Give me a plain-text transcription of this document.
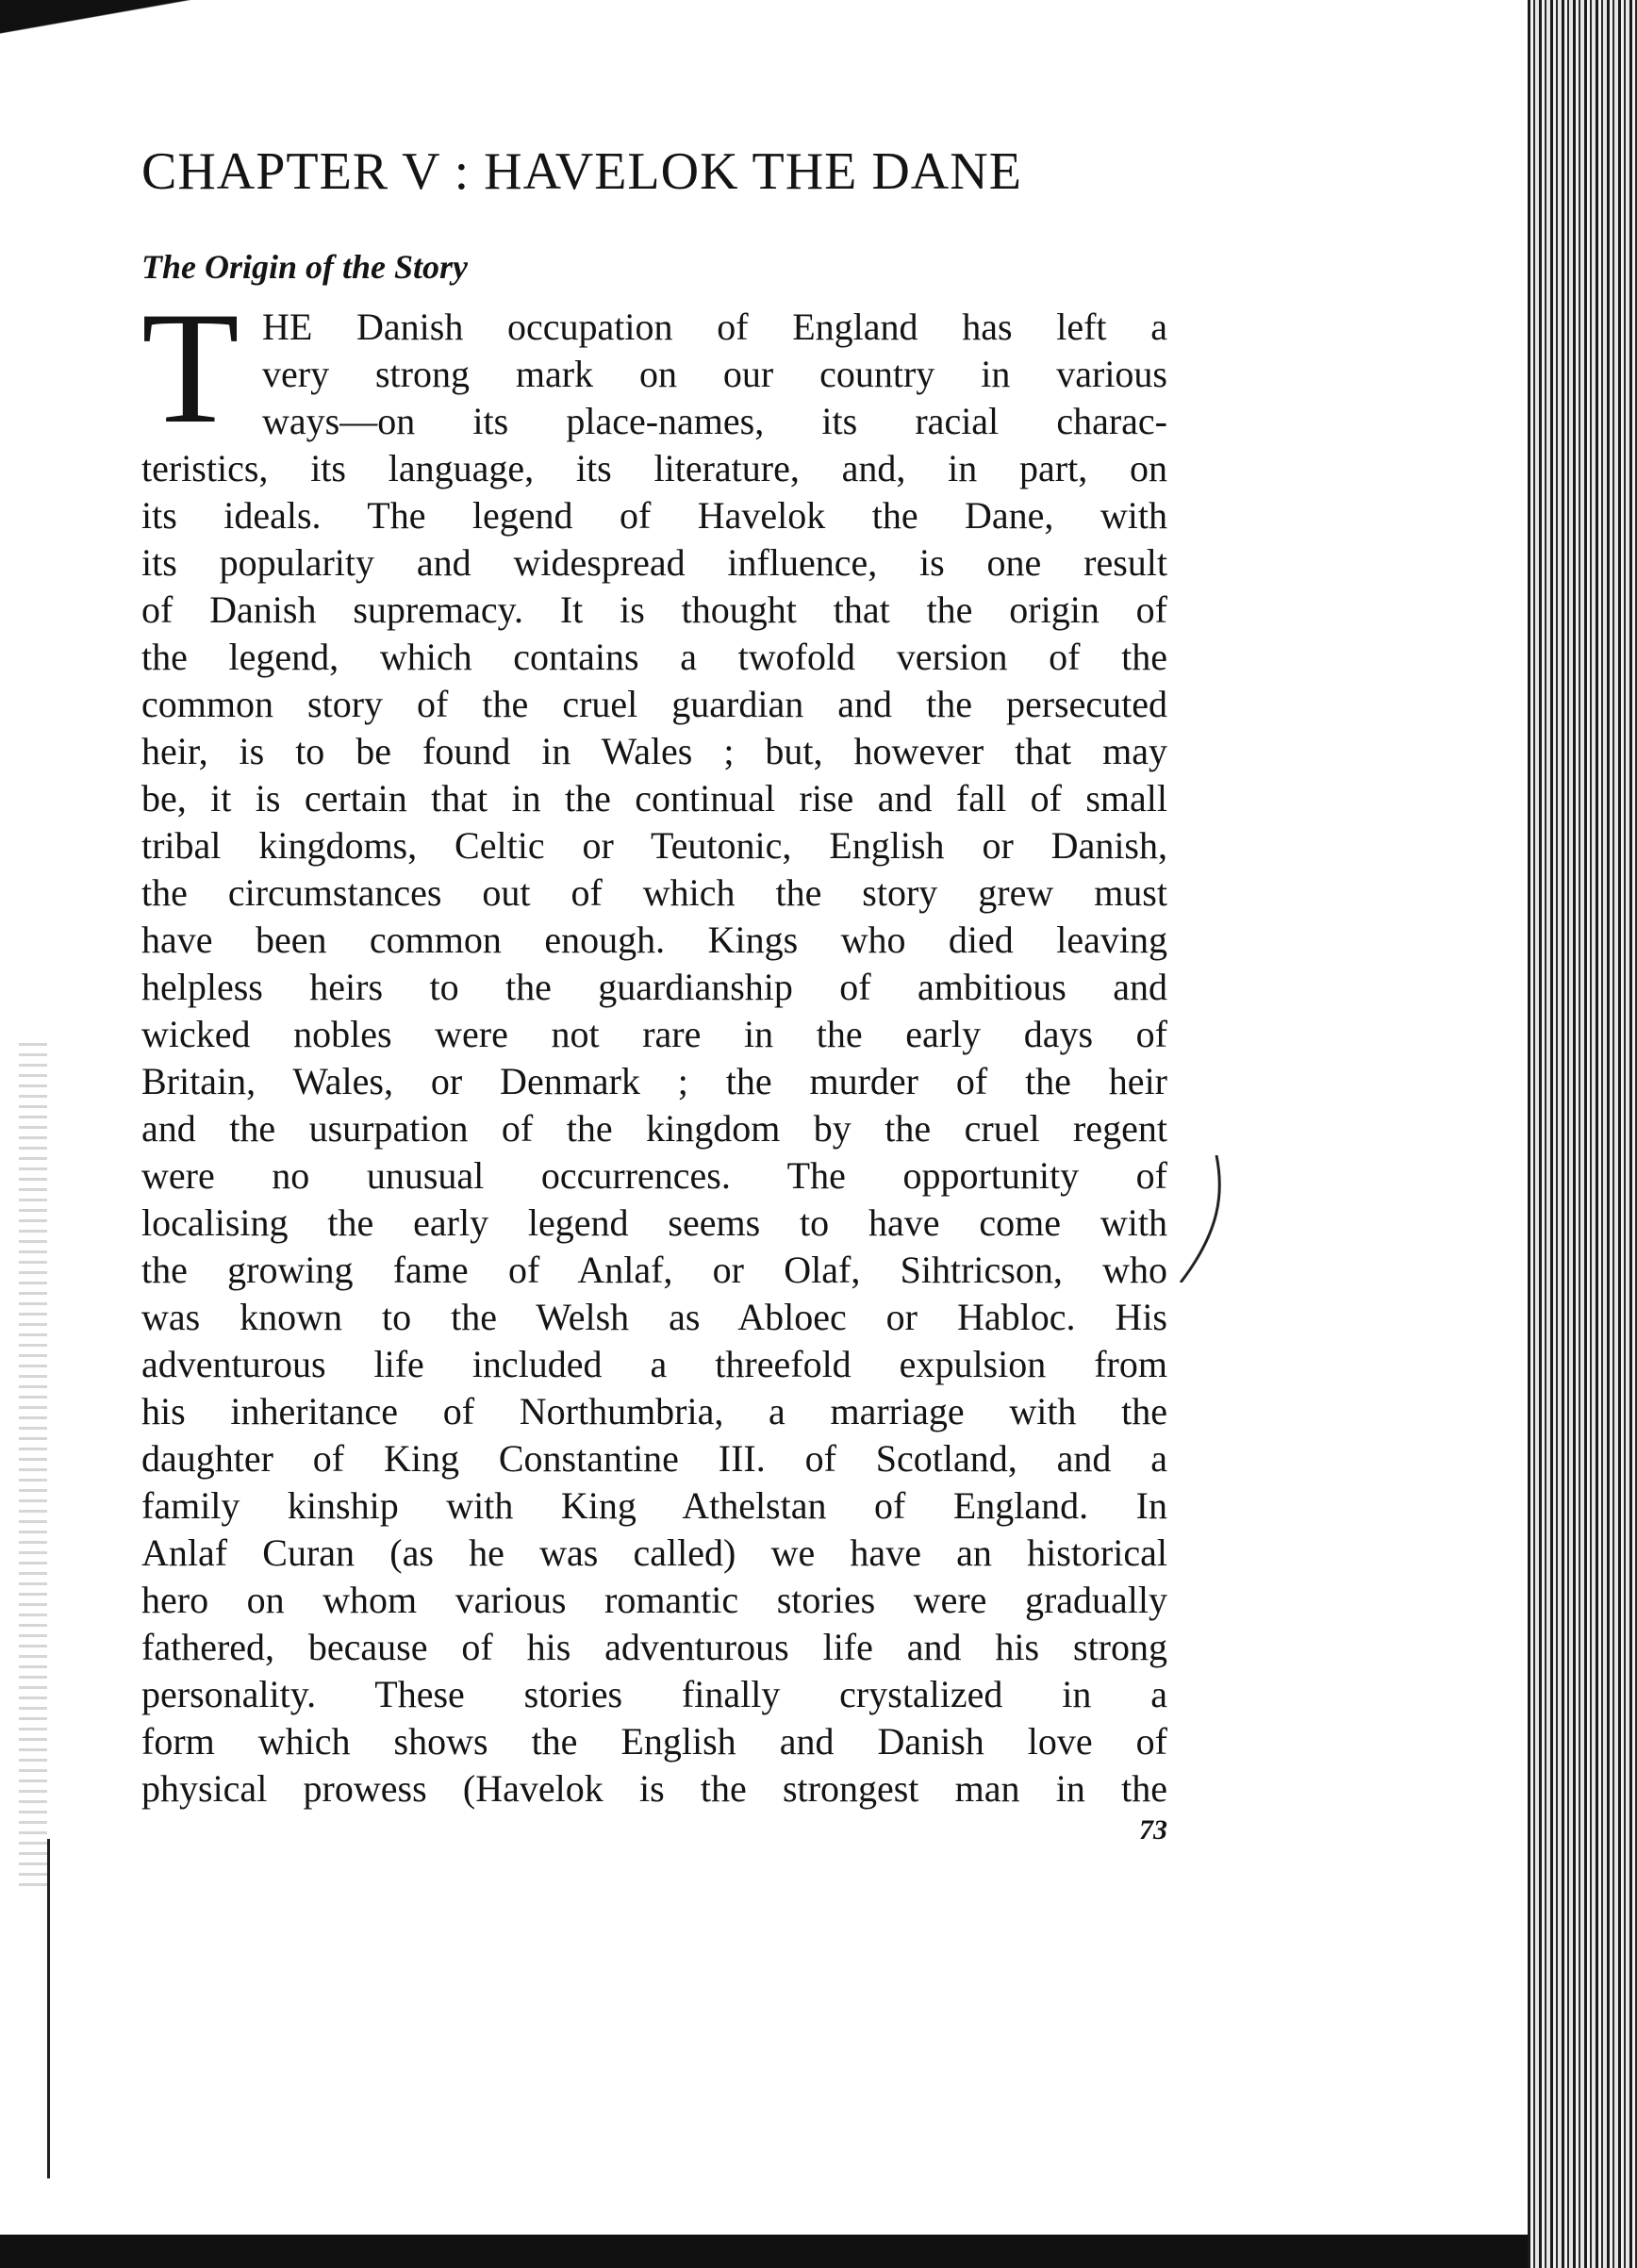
CHAPTER V : HAVELOK THE DANE
The Origin of the Story
T HE Danish occupation of England has left a
very strong mark on our country in various
ways—on its place-names, its racial charac-
teristics, its language, its literature, and, in part, on
its ideals. The legend of Havelok the Dane, with
its popularity and widespread influence, is one result
of Danish supremacy. It is thought that the origin of
the legend, which contains a twofold version of the
common story of the cruel guardian and the persecuted
heir, is to be found in Wales ; but, however that may
be, it is certain that in the continual rise and fall of small
tribal kingdoms, Celtic or Teutonic, English or Danish,
the circumstances out of which the story grew must
have been common enough. Kings who died leaving
helpless heirs to the guardianship of ambitious and
wicked nobles were not rare in the early days of
Britain, Wales, or Denmark ; the murder of the heir
and the usurpation of the kingdom by the cruel regent
were no unusual occurrences. The opportunity of
localising the early legend seems to have come with
the growing fame of Anlaf, or Olaf, Sihtricson, who
was known to the Welsh as Abloec or Habloc. His
adventurous life included a threefold expulsion from
his inheritance of Northumbria, a marriage with the
daughter of King Constantine III. of Scotland, and a
family kinship with King Athelstan of England. In
Anlaf Curan (as he was called) we have an historical
hero on whom various romantic stories were gradually
fathered, because of his adventurous life and his strong
personality. These stories finally crystalized in a
form which shows the English and Danish love of
physical prowess (Havelok is the strongest man in the
73
